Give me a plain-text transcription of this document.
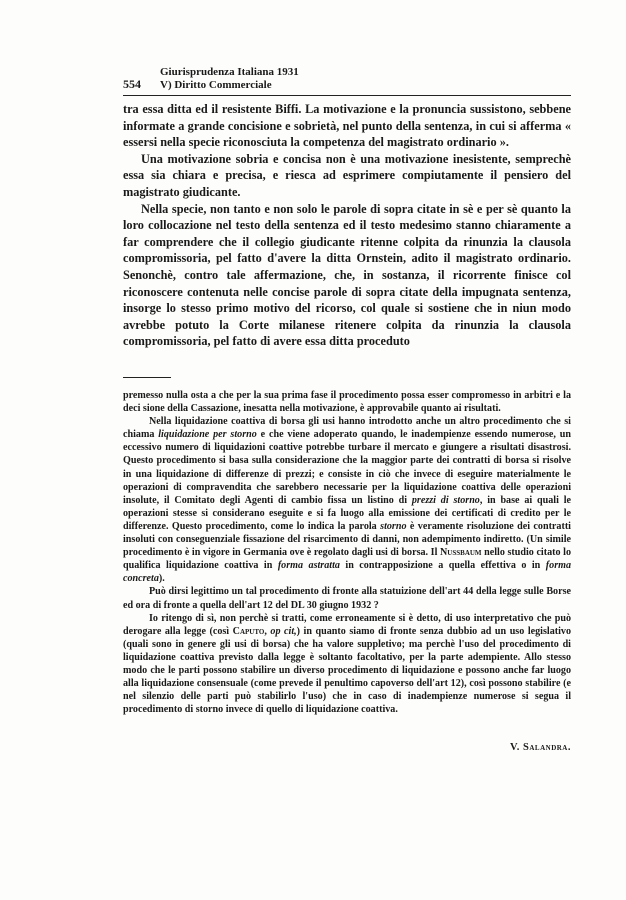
554
Giurisprudenza Italiana 1931
V) Diritto Commerciale

tra essa ditta ed il resistente Biffi. La motivazione e la pronuncia sussistono, sebbene informate a grande concisione e sobrietà, nel punto della sentenza, in cui si afferma « essersi nella specie riconosciuta la competenza del magistrato ordinario ».

Una motivazione sobria e concisa non è una motivazione inesistente, semprechè essa sia chiara e precisa, e riesca ad esprimere compiutamente il pensiero del magistrato giudicante.

Nella specie, non tanto e non solo le parole di sopra citate in sè e per sè quanto la loro collocazione nel testo della sentenza ed il testo medesimo stanno chiaramente a far comprendere che il collegio giudicante ritenne colpita da rinunzia la clausola compromissoria, pel fatto d'avere la ditta Ornstein, adito il magistrato ordinario. Senonchè, contro tale affermazione, che, in sostanza, il ricorrente finisce col riconoscere contenuta nelle concise parole di sopra citate della impugnata sentenza, insorge lo stesso primo motivo del ricorso, col quale si sostiene che in niun modo avrebbe potuto la Corte milanese ritenere colpita da rinunzia la clausola compromissoria, pel fatto di avere essa ditta proceduto

premesso nulla osta a che per la sua prima fase il procedimento possa esser compromesso in arbitri e la deci sione della Cassazione, inesatta nella motivazione, è approvabile quanto ai risultati.

Nella liquidazione coattiva di borsa gli usi hanno introdotto anche un altro procedimento che si chiama liquidazione per storno e che viene adoperato quando, le inadempienze essendo numerose, un eccessivo numero di liquidazioni coattive potrebbe turbare il mercato e giungere a risultati disastrosi. Questo procedimento si basa sulla considerazione che la maggior parte dei contratti di borsa si risolve in una liquidazione di differenze di prezzi; e consiste in ciò che invece di eseguire materialmente le operazioni di compravendita che sarebbero necessarie per la liquidazione coattiva delle operazioni insolute, il Comitato degli Agenti di cambio fissa un listino di prezzi di storno, in base ai quali le operazioni stesse si considerano eseguite e si fa luogo alla emissione dei certificati di credito per le differenze. Questo procedimento, come lo indica la parola storno è veramente risoluzione dei contratti insoluti con conseguenziale fissazione del risarcimento di danni, non adempimento indiretto. (Un simile procedimento è in vigore in Germania ove è regolato dagli usi di borsa. Il Nussbaum nello studio citato lo qualifica liquidazione coattiva in forma astratta in contrapposizione a quella effettiva o in forma concreta).

Può dirsi legittimo un tal procedimento di fronte alla statuizione dell'art 44 della legge sulle Borse ed ora di fronte a quella dell'art 12 del DL 30 giugno 1932 ?

Io ritengo di sì, non perchè si tratti, come erroneamente si è detto, di uso interpretativo che può derogare alla legge (così Caputo, op cit,) in quanto siamo di fronte senza dubbio ad un uso legislativo (quali sono in genere gli usi di borsa) che ha valore suppletivo; ma perchè l'uso del procedimento di liquidazione coattiva previsto dalla legge è soltanto facoltativo, per la parte adempiente. Allo stesso modo che le parti possono stabilire un diverso procedimento di liquidazione e possono anche far luogo alla liquidazione consensuale (come prevede il penultimo capoverso dell'art 12), così possono stabilire (e nel silenzio delle parti può stabilirlo l'uso) che in caso di inadempienze numerose si segua il procedimento di storno invece di quello di liquidazione coattiva.

V. Salandra.
